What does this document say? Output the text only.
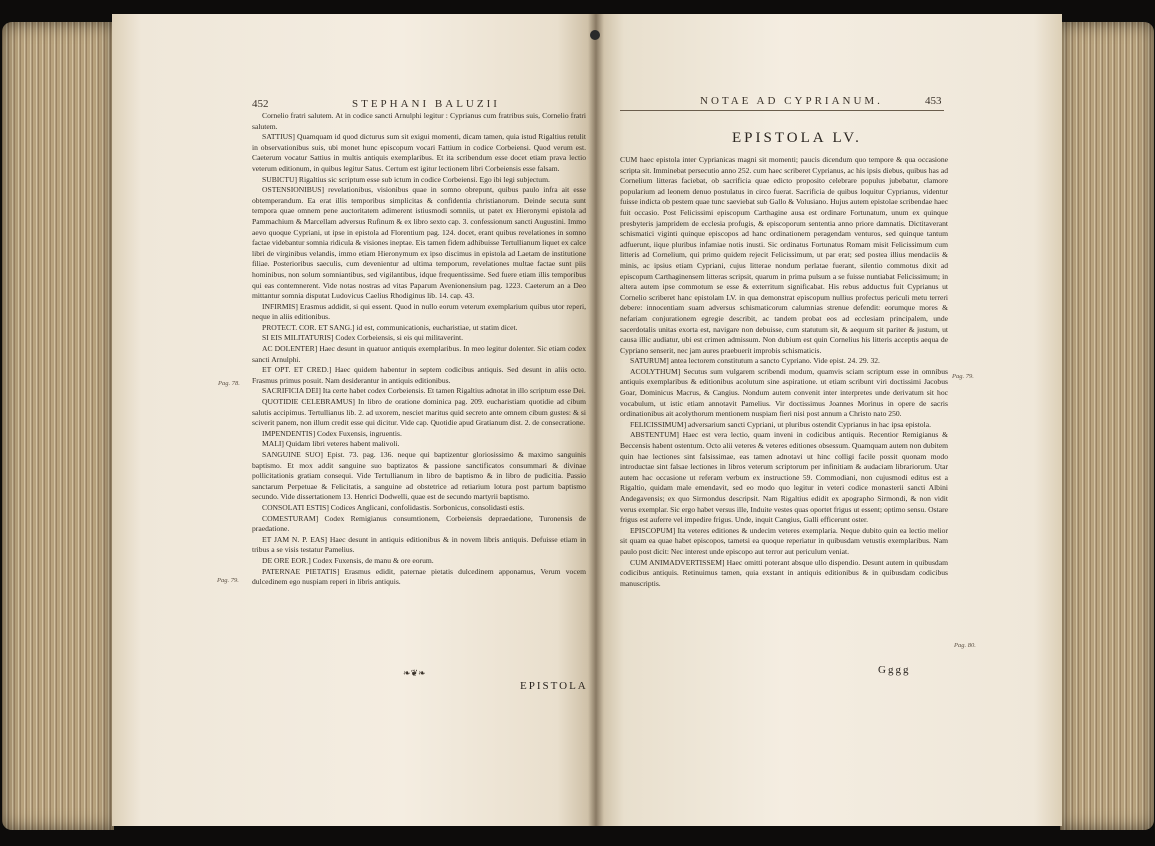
452	STEPHANI BALUZII
Pag. 78.
Pag. 79.

Cornelio fratri salutem. At in codice sancti Arnulphi legitur : Cyprianus cum fratribus suis, Cornelio fratri salutem.

SATTIUS] Quamquam id quod dicturus sum sit exigui momenti, dicam tamen, quia istud Rigaltius retulit in observationibus suis, ubi monet hunc episcopum vocari Fattium in codice Corbeiensi. Quod verum est. Caeterum vocatur Sattius in multis antiquis exemplaribus. Et ita scribendum esse docet etiam prava lectio veterum editionum, in quibus legitur Satus. Certum est igitur lectionem libri Corbeiensis esse falsam.

SUBICTU] Rigaltius sic scriptum esse sub ictum in codice Corbeiensi. Ego ibi legi subjectum.

OSTENSIONIBUS] revelationibus, visionibus quae in somno obrepunt, quibus paulo infra ait esse obtemperandum. Ea erat illis temporibus simplicitas & confidentia christianorum. Deinde secuta sunt tempora quae omnem pene auctoritatem adimerent istiusmodi somniis, ut patet ex Hieronymi epistola ad Pammachium & Marcellam adversus Rufinum & ex libro sexto cap. 3. confessionum sancti Augustini. Immo aevo quoque Cypriani, ut ipse in epistola ad Florentium pag. 124. docet, erant quibus revelationes in somno factae videbantur somnia ridicula & visiones ineptae. Eis tamen fidem adhibuisse Tertullianum liquet ex calce libri de virginibus velandis, immo etiam Hieronymum ex ipso discimus in epistola ad Laetam de institutione filiae. Posterioribus saeculis, cum devenientur ad ultima temporum, revelationes multae factae sunt piis hominibus, non solum somniantibus, sed vigilantibus, idque frequentissime. Sed fuere etiam illis temporibus qui eas contemnerent. Vide notas nostras ad vitas Paparum Avenionensium pag. 1223. Caeterum an a Deo mittantur somnia disputat Ludovicus Caelius Rhodiginus lib. 14. cap. 43.

INFIRMIS] Erasmus addidit, si qui essent. Quod in nullo eorum veterum exemplarium quibus utor reperi, neque in aliis editionibus.

PROTECT. COR. ET SANG.] id est, communicationis, eucharistiae, ut statim dicet.

SI EIS MILITATURIS] Codex Corbeiensis, si eis qui militaverint.

AC DOLENTER] Haec desunt in quatuor antiquis exemplaribus. In meo legitur dolenter. Sic etiam codex sancti Arnulphi.

ET OPT. ET CRED.] Haec quidem habentur in septem codicibus antiquis. Sed desunt in aliis octo. Frasmus primus posuit. Nam desiderantur in antiquis editionibus.

SACRIFICIA DEI] Ita certe habet codex Corbeiensis. Et tamen Rigaltius adnotat in illo scriptum esse Dei.

QUOTIDIE CELEBRAMUS] In libro de oratione dominica pag. 209. eucharistiam quotidie ad cibum salutis accipimus. Tertullianus lib. 2. ad uxorem, nesciet maritus quid secreto ante omnem cibum gustes: & si sciverit panem, non illum credit esse qui dicitur. Vide cap. Quotidie apud Gratianum dist. 2. de consecratione.

IMPENDENTIS] Codex Fuxensis, ingruentis.

MALI] Quidam libri veteres habent malivoli.

SANGUINE SUO] Epist. 73. pag. 136. neque qui baptizentur gloriosissimo & maximo sanguinis baptismo. Et mox addit sanguine suo baptizatos & passione sanctificatos consummari & divinae pollicitationis gratiam consequi. Vide Tertullianum in libro de baptismo & in libro de pudicitia. Passio sanctarum Perpetuae & Felicitatis, a sanguine ad obstetrice ad retiarium lotura post partum baptismo secundo. Vide dissertationem 13. Henrici Dodwelli, quae est de secundo martyrii baptismo.

CONSOLATI ESTIS] Codices Anglicani, confolidastis. Sorbonicus, consolidasti estis.

COMESTURAM] Codex Remigianus consumtionem, Corbeiensis depraedatione, Turonensis de praedatione.

ET JAM N. P. EAS] Haec desunt in antiquis editionibus & in novem libris antiquis. Defuisse etiam in tribus a se visis testatur Pamelius.

DE ORE EOR.] Codex Fuxensis, de manu & ore eorum.

PATERNAE PIETATIS] Erasmus edidit, paternae pietatis dulcedinem apponamus, Verum vocem dulcedinem ego nuspiam reperi in libris antiquis.

❧❦❧
EPISTOLA
NOTAE AD CYPRIANUM.	453
EPISTOLA LV.
Pag. 79.
Pag. 80.

CUM haec epistola inter Cyprianicas magni sit momenti; paucis dicendum quo tempore & qua occasione scripta sit. Imminebat persecutio anno 252. cum haec scriberet Cyprianus, ac his ipsis diebus, quibus has ad Cornelium litteras faciebat, ob sacrificia quae edicto proposito celebrare populus jubebatur, clamore popularium ad leonem denuo postulatus in circo fuerat. Sacrificia de quibus loquitur Cyprianus, videntur fuisse indicta ob pestem quae tunc saeviebat sub Gallo & Volusiano. Hujus autem epistolae scribendae haec fuit occasio. Post Felicissimi episcopum Carthagine ausa est ordinare Fortunatum, unum ex quinque presbyteris jampridem de ecclesia profugis, & episcoporum sententia anno priore damnatis. Dictitaverant schismatici viginti quinque episcopos ad hanc ordinationem peragendam venturos, sed quinque tantum adfuerunt, iique pluribus infamiae notis inusti. Sic ordinatus Fortunatus Romam misit Felicissimum cum litteris ad Cornelium, qui primo quidem rejecit Felicissimum, ut par erat; sed postea illius mendaciis & minis, ac ipsius etiam Cypriani, cujus litterae nondum perlatae fuerant, silentio commotus dixit ad episcopum Carthaginensem litteras scripsit, quarum in prima pulsum a se fuisse nuntiabat Felicissimum; in altera autem ipse commotum se esse & exterritum significabat. His rebus adductus fuit Cyprianus ut Cornelio scriberet hanc epistolam LV. in qua demonstrat episcopum nullius profectus periculi metu terreri debere: innocentiam suam adversus schismaticorum calumnias strenue defendit: eorumque mores & nefariam conjurationem egregie describit, ac tandem probat eos ad ecclesiam principalem, unde sacerdotalis unitas exorta est, navigare non debuisse, cum statutum sit, & aequum sit pariter & justum, ut causa illic audiatur, ubi est crimen admissum. Non dubium est quin Cornelius his litteris acceptis aequa de Cypriano senserit, nec jam aures praebuerit improbis schismaticis.

SATURUM] antea lectorem constitutum a sancto Cypriano. Vide epist. 24. 29. 32.

ACOLYTHUM] Secutus sum vulgarem scribendi modum, quamvis sciam scriptum esse in omnibus antiquis exemplaribus & editionibus acolutum sine aspiratione. ut etiam scribunt viri doctissimi Jacobus Goar, Dominicus Macrus, & Cangius. Nondum autem convenit inter interpretes unde derivatum sit hoc vocabulum, ut istic etiam annotavit Pamelius. Vir doctissimus Joannes Morinus in opere de sacris ordinationibus ait acolythorum mentionem nuspiam fieri nisi post annum a Christo nato 250.

FELICISSIMUM] adversarium sancti Cypriani, ut pluribus ostendit Cyprianus in hac ipsa epistola.

ABSTENTUM] Haec est vera lectio, quam inveni in codicibus antiquis. Recentior Remigianus & Beccensis habent ostentum. Octo alii veteres & veteres editiones obsessum. Quamquam autem non dubitem quin hae lectiones sint falsissimae, eas tamen adnotavi ut hinc colligi facile possit quonam modo introductae sint falsae lectiones in libros veterum scriptorum per infinitiam & audaciam librariorum. Utar autem hac occasione ut referam verbum ex instructione 59. Commodiani, non cujusmodi editus est a Rigaltio, quidam male emendavit, sed eo modo quo legitur in veteri codice monasterii sancti Albini Andegavensis; ex quo Sirmondus descripsit. Nam Rigaltius edidit ex apographo Sirmondi, & non vidit verus exemplar. Sic ergo habet versus ille, Induite vestes quas oportet frigus ut essent; optimo sensu. Ostare frigus est auferre vel impedire frigus. Unde, inquit Cangius, Galli efficerunt oster.

EPISCOPUM] Ita veteres editiones & undecim veteres exemplaria. Neque dubito quin ea lectio melior sit quam ea quae habet episcopos, tametsi ea quoque reperiatur in quibusdam vetustis exemplaribus. Nam paulo post dicit: Nec interest unde episcopo aut terror aut periculum veniat.

CUM ANIMADVERTISSEM] Haec omitti poterant absque ullo dispendio. Desunt autem in quibusdam codicibus antiquis. Retinuimus tamen, quia exstant in antiquis editionibus & in quibusdam codicibus manuscriptis.

Gggg
